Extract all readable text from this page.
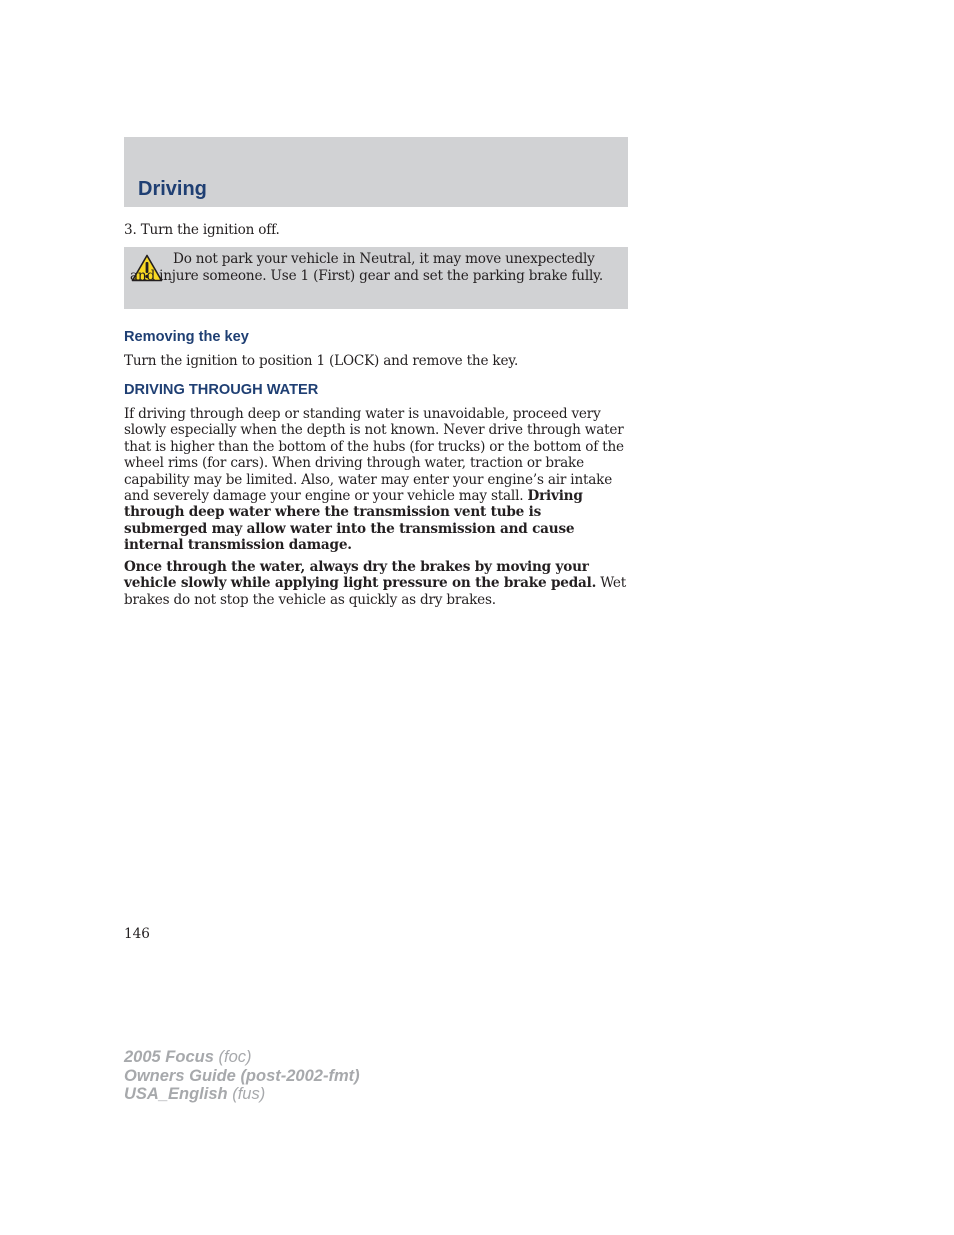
Driving

3. Turn the ignition off.

Do not park your vehicle in Neutral, it may move unexpectedly and injure someone. Use 1 (First) gear and set the parking brake fully.

Removing the key

Turn the ignition to position 1 (LOCK) and remove the key.

DRIVING THROUGH WATER

If driving through deep or standing water is unavoidable, proceed very slowly especially when the depth is not known. Never drive through water that is higher than the bottom of the hubs (for trucks) or the bottom of the wheel rims (for cars). When driving through water, traction or brake capability may be limited. Also, water may enter your engine’s air intake and severely damage your engine or your vehicle may stall. Driving through deep water where the transmission vent tube is submerged may allow water into the transmission and cause internal transmission damage.

Once through the water, always dry the brakes by moving your vehicle slowly while applying light pressure on the brake pedal. Wet brakes do not stop the vehicle as quickly as dry brakes.

146

2005 Focus (foc)
Owners Guide (post-2002-fmt)
USA_English (fus)
